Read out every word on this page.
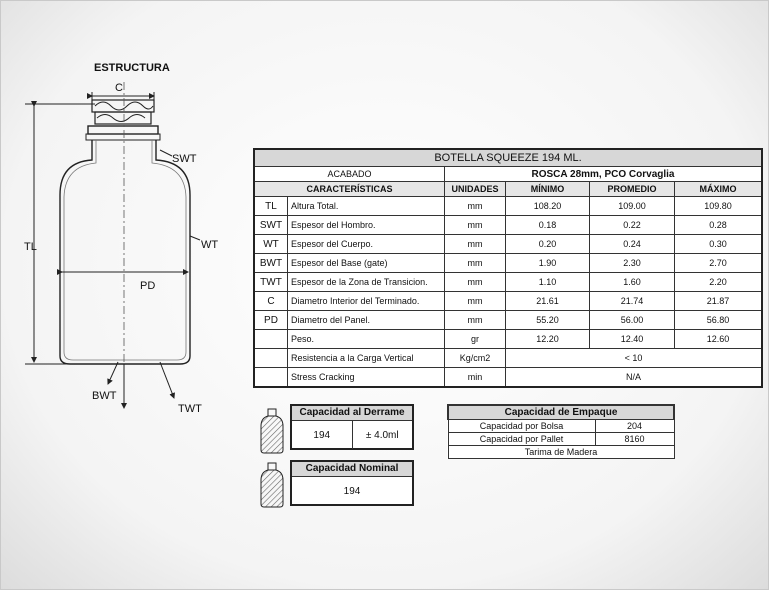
ESTRUCTURA
C
SWT
TL	WT
PD
BWT
TWT
BOTELLA SQUEEZE 194 ML.					
ACABADO		ROSCA 28mm, PCO Corvaglia			
CARACTERÍSTICAS		UNIDADES	MÍNIMO	PROMEDIO	MÁXIMO
TL	Altura Total.	mm	108.20	109.00	109.80
SWT	Espesor del Hombro.	mm	0.18	0.22	0.28
WT	Espesor del Cuerpo.	mm	0.20	0.24	0.30
BWT	Espesor del Base (gate)	mm	1.90	2.30	2.70
TWT	Espesor de la Zona de Transicion.	mm	1.10	1.60	2.20
C	Diametro Interior del Terminado.	mm	21.61	21.74	21.87
PD	Diametro del Panel.	mm	55.20	56.00	56.80
	Peso.	gr	12.20	12.40	12.60
	Resistencia a la Carga Vertical	Kg/cm2	< 10		
	Stress Cracking	min	N/A		
Capacidad al Derrame
194	± 4.0ml
Capacidad Nominal
194
Capacidad de Empaque	
Capacidad por Bolsa	204
Capacidad por Pallet	8160
Tarima de Madera	
